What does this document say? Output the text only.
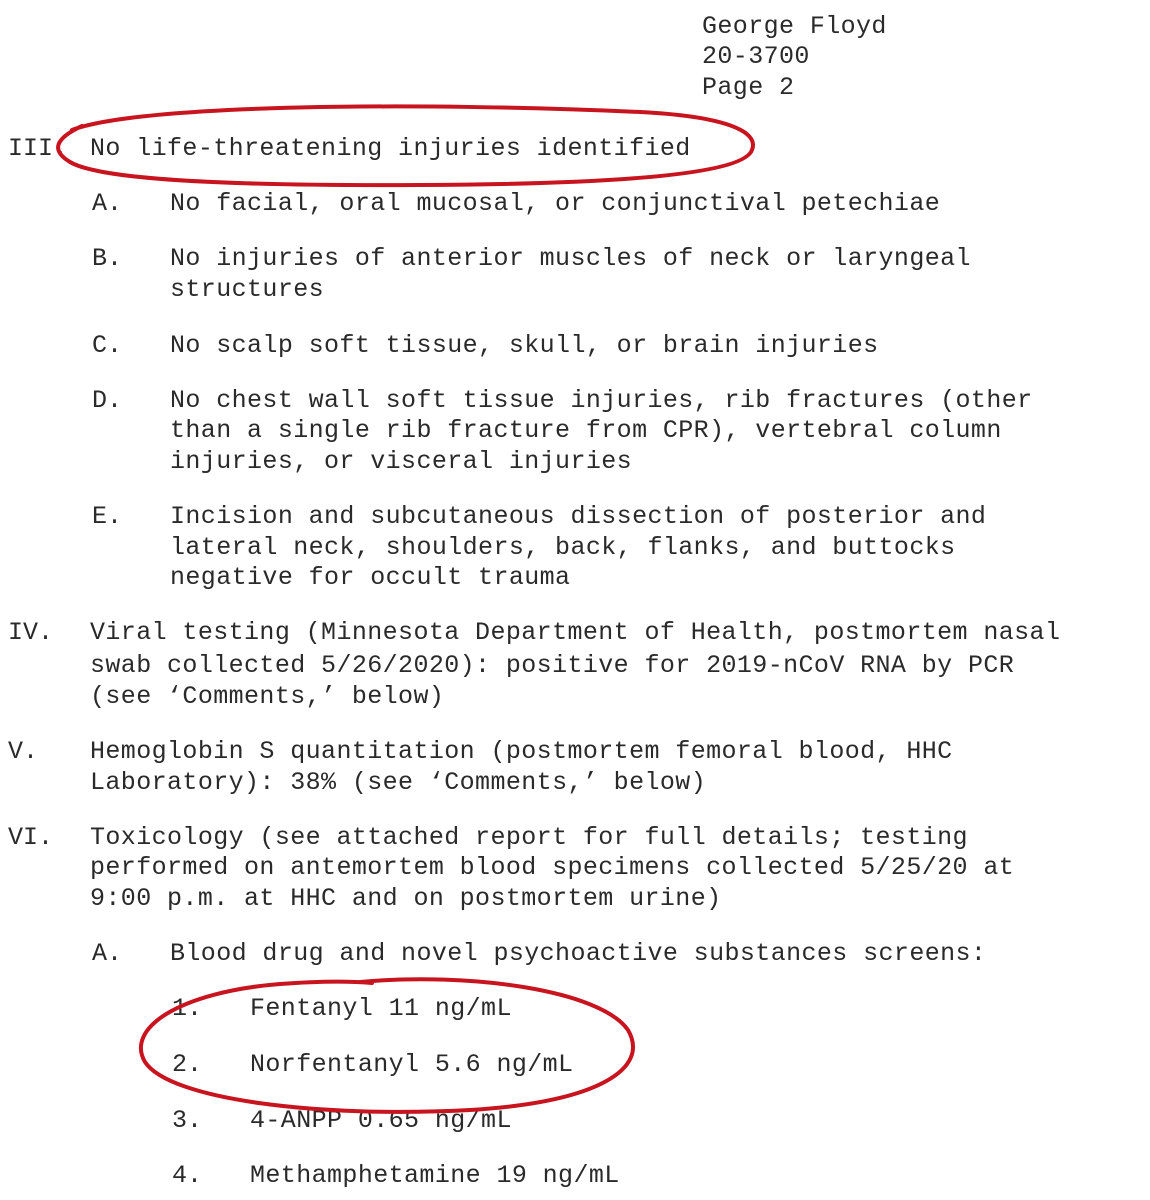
George Floyd
20-3700
Page 2
III. No life-threatening injuries identified
A. No facial, oral mucosal, or conjunctival petechiae
B. No injuries of anterior muscles of neck or laryngeal
structures
C. No scalp soft tissue, skull, or brain injuries
D. No chest wall soft tissue injuries, rib fractures (other
than a single rib fracture from CPR), vertebral column
injuries, or visceral injuries
E. Incision and subcutaneous dissection of posterior and
lateral neck, shoulders, back, flanks, and buttocks
negative for occult trauma
IV. Viral testing (Minnesota Department of Health, postmortem nasal
swab collected 5/26/2020): positive for 2019-nCoV RNA by PCR
(see ‘Comments,’ below)
V. Hemoglobin S quantitation (postmortem femoral blood, HHC
Laboratory): 38% (see ‘Comments,’ below)
VI. Toxicology (see attached report for full details; testing
performed on antemortem blood specimens collected 5/25/20 at
9:00 p.m. at HHC and on postmortem urine)
A. Blood drug and novel psychoactive substances screens:
1. Fentanyl 11 ng/mL
2. Norfentanyl 5.6 ng/mL
3. 4-ANPP 0.65 ng/mL
4. Methamphetamine 19 ng/mL
